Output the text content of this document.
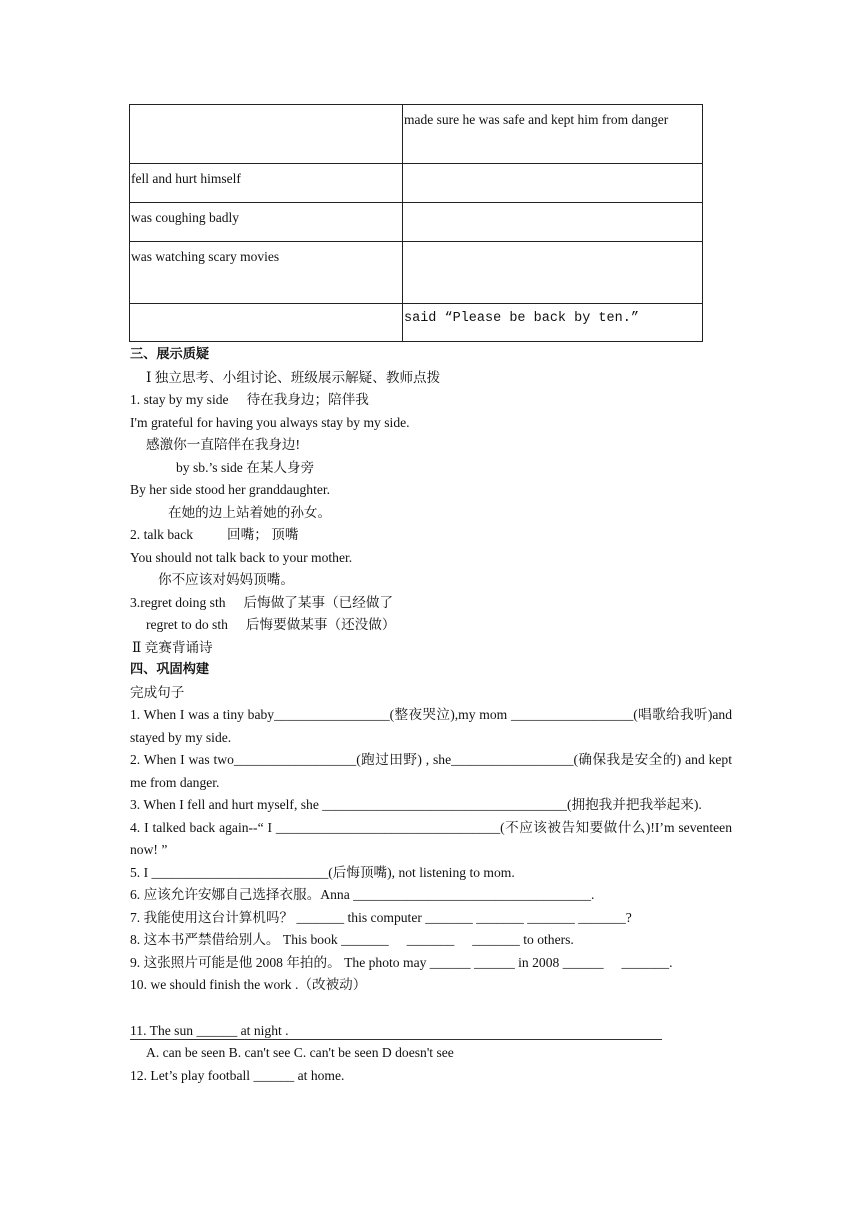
	made sure he was safe and kept him from danger
fell and hurt himself	
was coughing badly	
was watching scary movies	
	said “Please be back by ten.”

三、展示质疑

Ⅰ 独立思考、小组讨论、班级展示解疑、教师点拨

1. stay by my side 待在我身边；陪伴我

I'm grateful for having you always stay by my side.

感激你一直陪伴在我身边!

by sb.’s side 在某人身旁

By her side stood her granddaughter.

在她的边上站着她的孙女。

2. talk back	回嘴； 顶嘴

You should not talk back to your mother.

你不应该对妈妈顶嘴。

3.regret doing sth 后悔做了某事（已经做了

regret to do sth 后悔要做某事（还没做）

Ⅱ 竞赛背诵诗

四、巩固构建

完成句子

1. When I was a tiny baby_________________(整夜哭泣),my mom __________________(唱歌给我听)and stayed by my side.

2. When I was two__________________(跑过田野) , she__________________(确保我是安全的) and kept me from danger.

3. When I fell and hurt myself, she ____________________________________(拥抱我并把我举起来).

4. I talked back again--“ I _________________________________(不应该被告知要做什么)!I’m seventeen now! ”

5. I __________________________(后悔顶嘴), not listening to mom.

6. 应该允许安娜自己选择衣服。Anna ___________________________________.

7. 我能使用这台计算机吗？ _______ this computer _______ _______ _______ _______?

8. 这本书严禁借给别人。 This book _______ _______ _______ to others.

9. 这张照片可能是他 2008 年拍的。 The photo may ______ ______ in 2008 ______ _______.

10. we should finish the work .（改被动）

11. The sun ______ at night .

A. can be seen B. can't see C. can't be seen D doesn't see

12. Let’s play football ______ at home.
